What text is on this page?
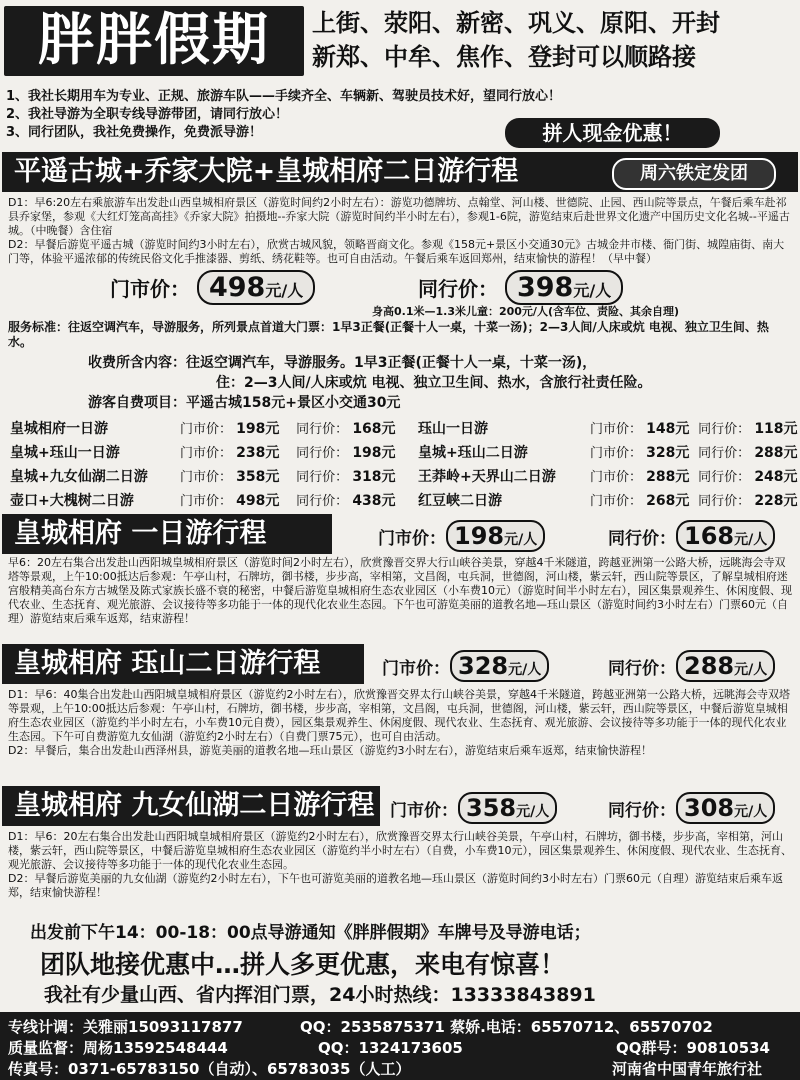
胖胖假期	上街、荥阳、新密、巩义、原阳、开封
新郑、中牟、焦作、登封可以顺路接
1、我社长期用车为专业、正规、旅游车队——手续齐全、车辆新、驾驶员技术好，望同行放心！
2、我社导游为全职专线导游带团，请同行放心！
3、同行团队，我社免费操作，免费派导游！	拼人现金优惠！
平遥古城+乔家大院+皇城相府二日游行程	周六铁定发团

D1：早6:20左右乘旅游车出发赴山西皇城相府景区（游览时间约2小时左右）：游览功德牌坊、点翰堂、河山楼、世德院、止园、西山院等景点，午餐后乘车赴祁县乔家堡，参观《大红灯笼高高挂》《乔家大院》拍摄地--乔家大院（游览时间约半小时左右），参观1-6院，游览结束后赴世界文化遗产中国历史文化名城--平遥古城。（中晚餐）含住宿

D2：早餐后游览平遥古城（游览时间约3小时左右），欣赏古城风貌，领略晋商文化。参观《158元+景区小交通30元》古城金井市楼、衙门街、城隍庙街、南大门等，体验平遥浓郁的传统民俗文化手推漆器、剪纸、绣花鞋等。也可自由活动。午餐后乘车返回郑州，结束愉快的游程！（早中餐）

门市价： 498元/人	同行价： 398元/人
身高0.1米—1.3米儿童：200元/人(含车位、责险、其余自理)
服务标准：往返空调汽车，导游服务，所列景点首道大门票：1早3正餐(正餐十人一桌，十菜一汤)；2—3人间/人床或炕 电视、独立卫生间、热水。
收费所含内容：往返空调汽车，导游服务。1早3正餐(正餐十人一桌，十菜一汤)，
住：2—3人间/人床或炕 电视、独立卫生间、热水，含旅行社责任险。
游客自费项目：平遥古城158元+景区小交通30元
皇城相府一日游	门市价： 198元 同行价： 168元
皇城+珏山一日游	门市价： 238元 同行价： 198元
皇城+九女仙湖二日游 门市价： 358元 同行价： 318元
壶口+大槐树二日游	门市价： 498元 同行价： 438元
珏山一日游	门市价： 148元 同行价： 118元
皇城+珏山二日游	门市价： 328元 同行价： 288元
王莽岭+天界山二日游	门市价： 288元 同行价： 248元
红豆峡二日游	门市价： 268元 同行价： 228元
皇城相府 一日游行程	门市价： 198元/人	同行价： 168元/人

早6：20左右集合出发赴山西阳城皇城相府景区（游览时间2小时左右），欣赏豫晋交界大行山峡谷美景，穿越4千米隧道，跨越亚洲第一公路大桥，远眺海会寺双塔等景观，上午10:00抵达后参观：午亭山村，石牌坊，御书楼，步步高，宰相第，文昌阁，屯兵洞，世德阁，河山楼，紫云轩，西山院等景区，了解皇城相府迷宫般精美高台东方古城堡及陈式家族长盛不衰的秘密，中餐后游览皇城相府生态农业园区（小车费10元）（游览时间半小时左右），园区集景观养生、休闲度假、现代农业、生态抚育、观光旅游、会议接待等多功能于一体的现代化农业生态园。下午也可游览美丽的道教名地—珏山景区（游览时间约3小时左右）门票60元（自理）游览结束后乘车返郑，结束游程！

皇城相府 珏山二日游行程	门市价： 328元/人	同行价： 288元/人

D1：早6：40集合出发赴山西阳城皇城相府景区（游览约2小时左右），欣赏豫晋交界太行山峡谷美景，穿越4千米隧道，跨越亚洲第一公路大桥，远眺海会寺双塔等景观，上午10:00抵达后参观：午亭山村，石牌坊，御书楼，步步高，宰相第，文昌阁，屯兵洞，世德阁，河山楼，紫云轩，西山院等景区，中餐后游览皇城相府生态农业园区（游览约半小时左右，小车费10元自费），园区集景观养生、休闲度假、现代农业、生态抚育、观光旅游、会议接待等多功能于一体的现代化农业生态园。下午可自费游览九女仙湖（游览约2小时左右）（自费门票75元），也可自由活动。

D2：早餐后，集合出发赴山西泽州县，游览美丽的道教名地—珏山景区（游览约3小时左右），游览结束后乘车返郑，结束愉快游程！

皇城相府 九女仙湖二日游行程 门市价： 358元/人	同行价： 308元/人

D1：早6：20左右集合出发赴山西阳城皇城相府景区（游览约2小时左右），欣赏豫晋交界太行山峡谷美景，午亭山村，石牌坊，御书楼，步步高，宰相第，河山楼，紫云轩，西山院等景区，中餐后游览皇城相府生态农业园区（游览约半小时左右）（自费，小车费10元），园区集景观养生、休闲度假、现代农业、生态抚育、观光旅游、会议接待等多功能于一体的现代化农业生态园。

D2：早餐后游览美丽的九女仙湖（游览约2小时左右），下午也可游览美丽的道教名地—珏山景区（游览时间约3小时左右）门票60元（自理）游览结束后乘车返郑，结束愉快游程！

出发前下午14：00-18：00点导游通知《胖胖假期》车牌号及导游电话；
团队地接优惠中…拼人多更优惠，来电有惊喜！
我社有少量山西、省内挥泪门票，24小时热线：13333843891
专线计调：关雅丽15093117877	QQ：2535875371 蔡娇.电话：65570712、65570702
质量监督：周杨13592548444	QQ：1324173605	QQ群号：90810534
传真号：0371-65783150（自动）、65783035（人工）	河南省中国青年旅行社
